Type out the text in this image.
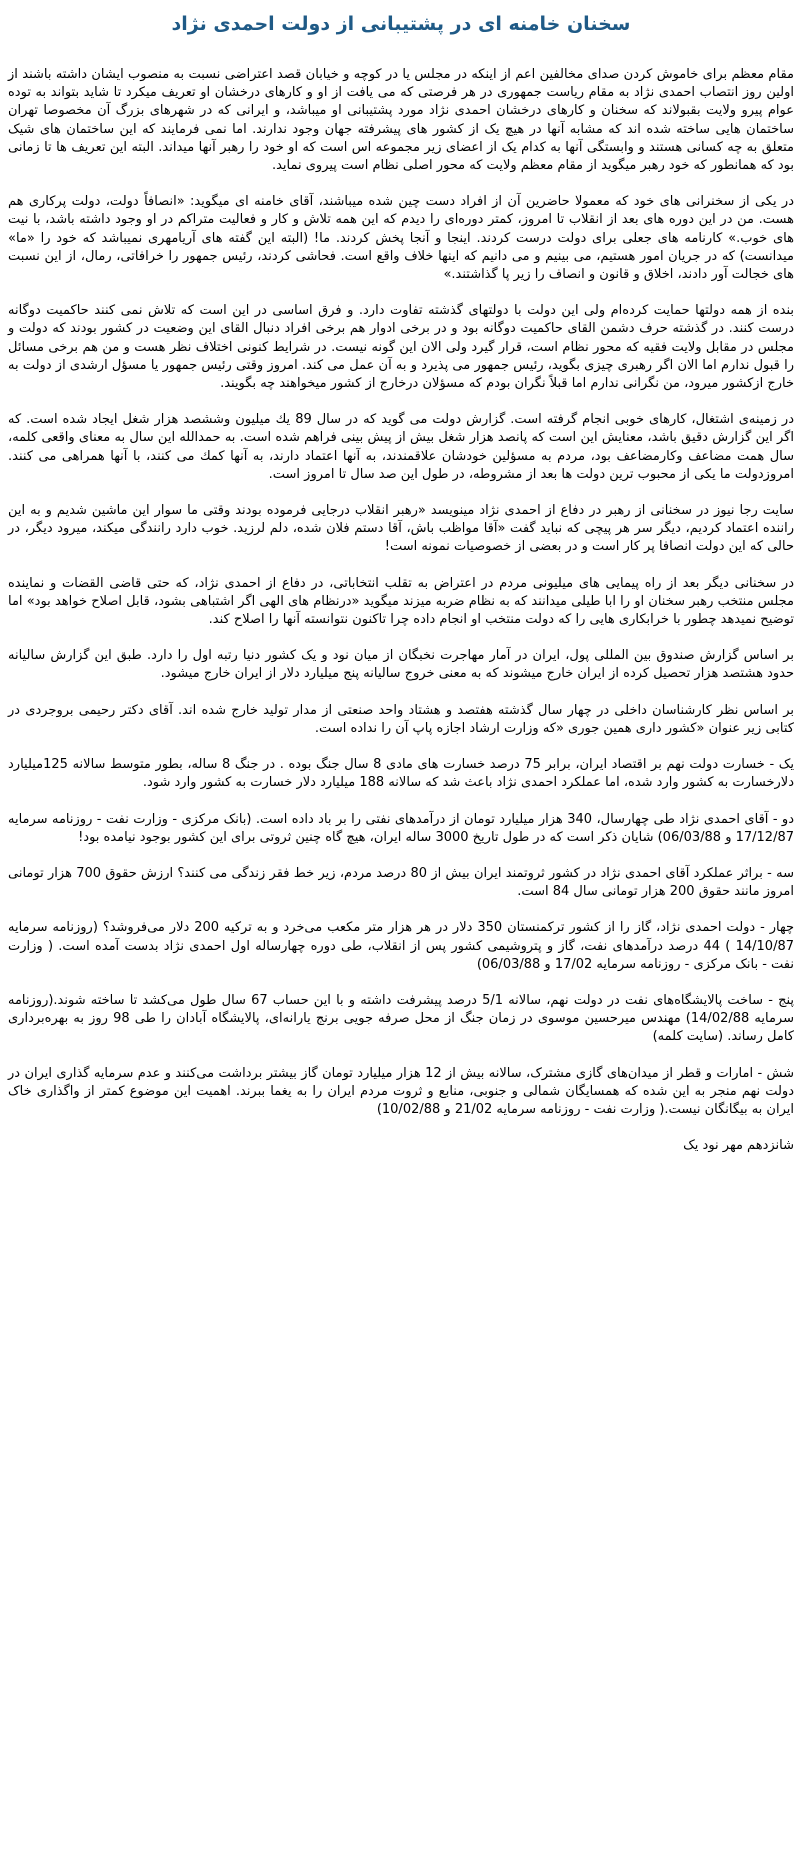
سخنان خامنه ای در پشتیبانی از دولت احمدی نژاد

مقام معظم برای خاموش کردن صدای مخالفین اعم از اینکه در مجلس یا در کوچه و خیابان قصد اعتراضی نسبت به منصوب ایشان داشته باشند از اولین روز انتصاب احمدی نژاد به مقام ریاست جمهوری در هر فرصتی که می یافت از او و کارهای درخشان او تعریف میکرد تا شاید بتواند به توده عوام پیرو ولایت بقبولاند که سخنان و کارهای درخشان احمدی نژاد مورد پشتیبانی او میباشد، و ایرانی که در شهرهای بزرگ آن مخصوصا تهران ساختمان هایی ساخته شده اند که مشابه آنها در هیچ یک از کشور های پیشرفته جهان وجود ندارند. اما نمی فرمایند که این ساختمان های شیک متعلق به چه کسانی هستند و وابستگی آنها به کدام یک از اعضای زیر مجموعه اس است که او خود را رهبر آنها میداند. البته این تعریف ها تا زمانی بود که همانطور که خود رهبر میگوید از مقام معظم ولایت که محور اصلی نظام است پیروی نماید.

در یکی از سخنرانی های خود که معمولا حاضرین آن از افراد دست چین شده میباشند، آقای خامنه ای میگوید: «انصافاً دولت، دولت پرکاری هم هست. من در این دوره های بعد از انقلاب تا امروز، کمتر دوره‌ای را دیدم که این همه تلاش و کار و فعالیت متراکم در او وجود داشته باشد، با نیت های خوب.» کارنامه های جعلی برای دولت درست کردند. اینجا و آنجا پخش کردند. ما! (البته این گفته های آریامهری نمیباشد که خود را «ما» میدانست) که در جریان امور هستیم، می بینیم و می دانیم که اینها خلاف واقع است. فحاشی کردند، رئیس جمهور را خرافاتی، رمال، از این نسبت های خجالت آور دادند، اخلاق و قانون و انصاف را زیر پا گذاشتند.»

بنده از همه دولتها حمایت کرده‌ام ولی این دولت با دولتهای گذشته تفاوت دارد. و فرق اساسی در این است که تلاش نمی کنند حاکمیت دوگانه درست کنند. در گذشته حرف دشمن القای حاکمیت دوگانه بود و در برخی ادوار هم برخی افراد دنبال القای این وضعیت در کشور بودند که دولت و مجلس در مقابل ولایت فقیه که محور نظام است، قرار گیرد ولی الان این گونه نیست. در شرایط کنونی اختلاف نظر هست و من هم برخی مسائل را قبول ندارم اما الان اگر رهبری چیزی بگوید، رئیس جمهور می پذیرد و به آن عمل می کند. امروز وقتی رئیس جمهور یا مسؤل ارشدی از دولت به خارج ازکشور میرود، من نگرانی ندارم اما قبلاً نگران بودم که مسؤلان درخارج از کشور میخواهند چه بگویند.

در زمینه‌ی اشتغال، کارهای خوبی انجام گرفته است. گزارش دولت می گوید که در سال 89 یك میلیون وششصد هزار شغل ایجاد شده است. که اگر این گزارش دقیق باشد، معنایش این است که پانصد هزار شغل بیش از پیش بینی فراهم شده است. به حمدالله این سال به معنای واقعی کلمه، سال همت مضاعف وکارمضاعف بود، مردم به مسؤلین خودشان علاقمندند، به آنها اعتماد دارند، به آنها کمك می کنند، با آنها همراهی می کنند. امروزدولت ما یکی از محبوب ترین دولت ها بعد از مشروطه، در طول این صد سال تا امروز است.

سایت رجا نیوز در سخنانی از رهبر در دفاع از احمدی نژاد مینویسد «رهبر انقلاب درجایی فرموده بودند وقتی ما سوار این ماشین شدیم و به این راننده اعتماد کردیم، دیگر سر هر پیچی که نباید گفت «آقا مواظب باش، آقا دستم فلان شده، دلم لرزید. خوب دارد رانندگی میکند، میرود دیگر، در حالی که این دولت انصافا پر کار است و در بعضی از خصوصیات نمونه است!

در سخنانی دیگر بعد از راه پیمایی های میلیونی مردم در اعتراض به تقلب انتخاباتی، در دفاع از احمدی نژاد، که حتی قاضی القضات و نماینده مجلس منتخب رهبر سخنان او را ابا طیلی میدانند که به نظام ضربه میزند میگوید «درنظام های الهی اگر اشتباهی بشود، قابل اصلاح خواهد بود» اما توضیح نمیدهد چطور با خرابکاری هایی را که دولت منتخب او انجام داده چرا تاکنون نتوانسته آنها را اصلاح کند.

بر اساس گزارش صندوق بین المللی پول، ایران در آمار مهاجرت نخبگان از میان نود و یک کشور دنیا رتبه اول را دارد. طبق این گزارش سالیانه حدود هشتصد هزار تحصیل کرده از ایران خارج میشوند که به معنی خروج سالیانه پنج میلیارد دلار از ایران خارج میشود.

بر اساس نظر کارشناسان داخلی در چهار سال گذشته هفتصد و هشتاد واحد صنعتی از مدار تولید خارج شده اند. آقای دکتر رحیمی بروجردی در کتابی زیر عنوان «کشور داری همین جوری «که وزارت ارشاد اجازه پاپ آن را نداده است.

یک - خسارت دولت نهم بر اقتصاد ایران، برابر 75 درصد خسارت های مادی 8 سال جنگ بوده . در جنگ 8 ساله، بطور متوسط سالانه 125میلیارد دلارخسارت به کشور وارد شده، اما عملکرد احمدی نژاد باعث شد که سالانه 188 میلیارد دلار خسارت به کشور وارد شود.

دو - آقای احمدی نژاد طی چهارسال، 340 هزار میلیارد تومان از درآمدهای نفتی را بر باد داده است. (بانک مرکزی - وزارت نفت - روزنامه سرمایه 17/12/87 و 06/03/88) شایان ذکر است که در طول تاریخ 3000 ساله ایران، هیچ گاه چنین ثروتی برای این کشور بوجود نیامده بود!

سه - براثر عملکرد آقای احمدی نژاد در کشور ثروتمند ایران بیش از 80 درصد مردم، زیر خط فقر زندگی می کنند؟ ارزش حقوق 700 هزار تومانی امروز مانند حقوق 200 هزار تومانی سال 84 است.

چهار - دولت احمدی نژاد، گاز را از کشور ترکمنستان 350 دلار در هر هزار متر مکعب می‌خرد و به ترکیه 200 دلار می‌فروشد؟ (روزنامه سرمایه 14/10/87 ) 44 درصد درآمدهای نفت، گاز و پتروشیمی کشور پس از انقلاب، طی دوره چهارساله اول احمدی نژاد بدست آمده است. ( وزارت نفت - بانک مرکزی - روزنامه سرمایه 17/02 و 06/03/88)

پنج - ساخت پالایشگاه‌های نفت در دولت نهم، سالانه 5/1 درصد پیشرفت داشته و با این حساب 67 سال طول می‌کشد تا ساخته شوند.(روزنامه سرمایه 14/02/88) مهندس میرحسین موسوی در زمان جنگ از محل صرفه جویی برنج یارانه‌ای، پالایشگاه آبادان را طی 98 روز به بهره‌برداری کامل رساند. (سایت کلمه)

شش - امارات و قطر از میدان‌های گازی مشترک، سالانه بیش از 12 هزار میلیارد تومان گاز بیشتر برداشت می‌کنند و عدم سرمایه گذاری ایران در دولت نهم منجر به این شده که همسایگان شمالی و جنوبی، منابع و ثروت مردم ایران را به یغما ببرند. اهمیت این موضوع کمتر از واگذاری خاک ایران به بیگانگان نیست.( وزارت نفت - روزنامه سرمایه 21/02 و 10/02/88)

شانزدهم مهر نود یک
